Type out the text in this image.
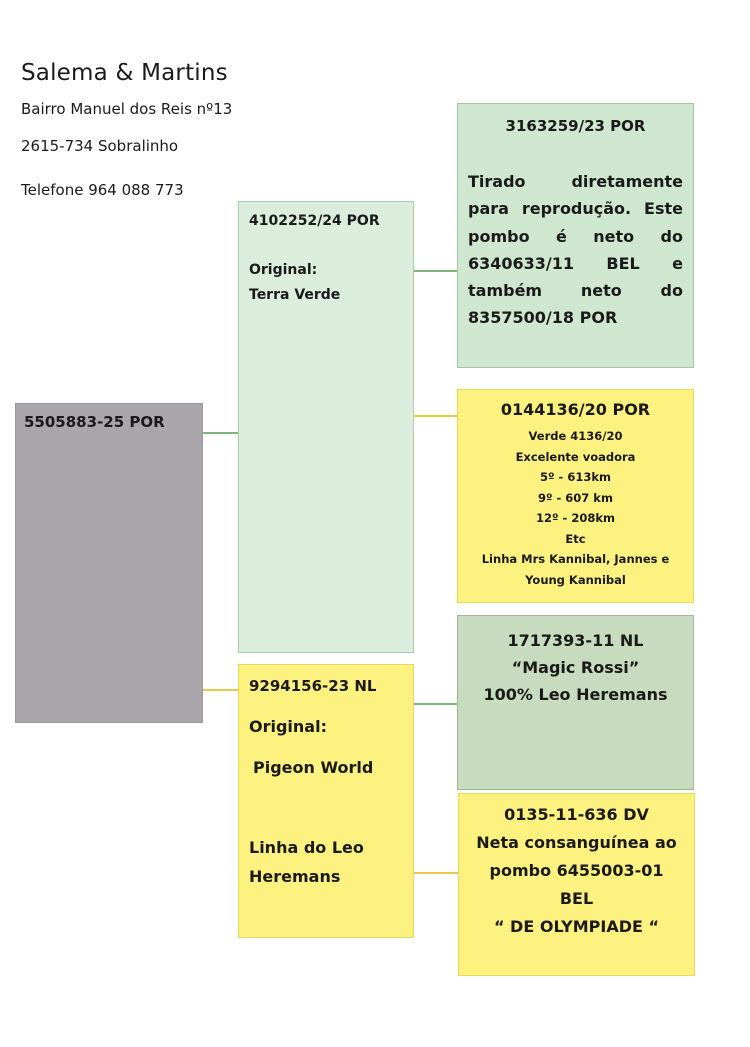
Salema & Martins
Bairro Manuel dos Reis nº13
2615-734 Sobralinho
Telefone 964 088 773
5505883-25 POR
4102252/24 POR
Original:
Terra Verde
9294156-23 NL
Original:
Pigeon World
Linha do Leo
Heremans
3163259/23 POR
Tirado diretamente
para reprodução. Este
pombo é neto do
6340633/11 BEL e
também neto do
8357500/18 POR
0144136/20 POR
Verde 4136/20
Excelente voadora
5º - 613km
9º - 607 km
12º - 208km
Etc
Linha Mrs Kannibal, Jannes e
Young Kannibal
1717393-11 NL
“Magic Rossi”
100% Leo Heremans
0135-11-636 DV
Neta consanguínea ao
pombo 6455003-01
BEL
“ DE OLYMPIADE “
